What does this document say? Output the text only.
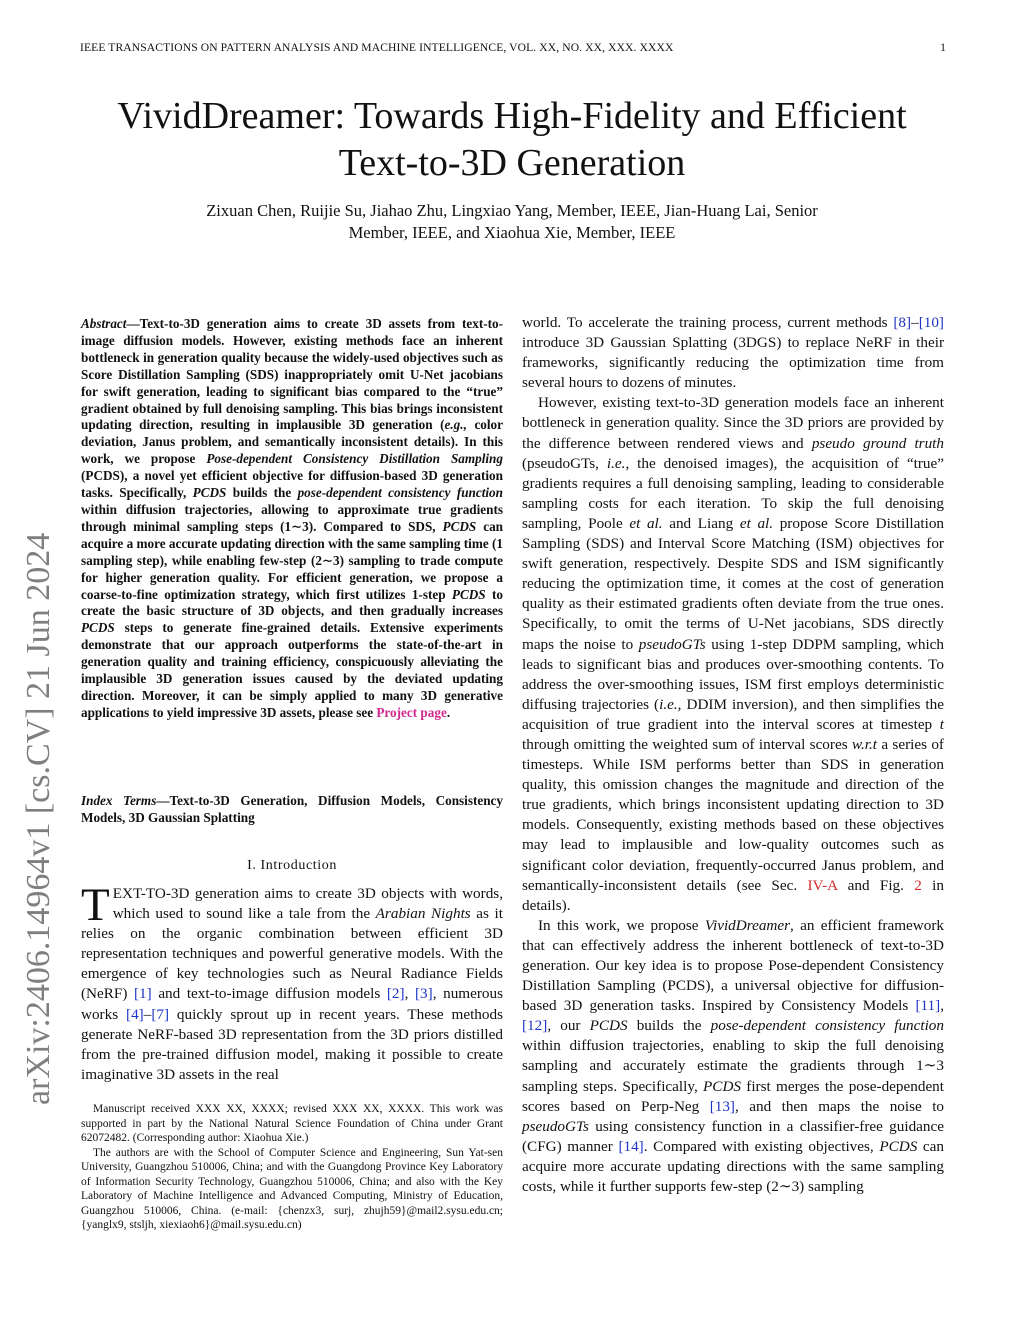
IEEE TRANSACTIONS ON PATTERN ANALYSIS AND MACHINE INTELLIGENCE, VOL. XX, NO. XX, XXX. XXXX	1
arXiv:2406.14964v1 [cs.CV] 21 Jun 2024
VividDreamer: Towards High-Fidelity and Efficient
Text-to-3D Generation
Zixuan Chen, Ruijie Su, Jiahao Zhu, Lingxiao Yang, Member, IEEE, Jian-Huang Lai, Senior
Member, IEEE, and Xiaohua Xie, Member, IEEE
Abstract—Text-to-3D generation aims to create 3D assets from text-to-image diffusion models. However, existing methods face an inherent bottleneck in generation quality because the widely-used objectives such as Score Distillation Sampling (SDS) inappropriately omit U-Net jacobians for swift generation, leading to significant bias compared to the “true” gradient obtained by full denoising sampling. This bias brings inconsistent updating direction, resulting in implausible 3D generation (e.g., color deviation, Janus problem, and semantically inconsistent details). In this work, we propose Pose-dependent Consistency Distillation Sampling (PCDS), a novel yet efficient objective for diffusion-based 3D generation tasks. Specifically, PCDS builds the pose-dependent consistency function within diffusion trajectories, allowing to approximate true gradients through minimal sampling steps (1∼3). Compared to SDS, PCDS can acquire a more accurate updating direction with the same sampling time (1 sampling step), while enabling few-step (2∼3) sampling to trade compute for higher generation quality. For efficient generation, we propose a coarse-to-fine optimization strategy, which first utilizes 1-step PCDS to create the basic structure of 3D objects, and then gradually increases PCDS steps to generate fine-grained details. Extensive experiments demonstrate that our approach outperforms the state-of-the-art in generation quality and training efficiency, conspicuously alleviating the implausible 3D generation issues caused by the deviated updating direction. Moreover, it can be simply applied to many 3D generative applications to yield impressive 3D assets, please see Project page.
Index Terms—Text-to-3D Generation, Diffusion Models, Consistency Models, 3D Gaussian Splatting
I. Introduction
TEXT-TO-3D generation aims to create 3D objects with words, which used to sound like a tale from the Arabian Nights as it relies on the organic combination between efficient 3D representation techniques and powerful generative models. With the emergence of key technologies such as Neural Radiance Fields (NeRF) [1] and text-to-image diffusion models [2], [3], numerous works [4]–[7] quickly sprout up in recent years. These methods generate NeRF-based 3D representation from the 3D priors distilled from the pre-trained diffusion model, making it possible to create imaginative 3D assets in the real

Manuscript received XXX XX, XXXX; revised XXX XX, XXXX. This work was supported in part by the National Natural Science Foundation of China under Grant 62072482. (Corresponding author: Xiaohua Xie.)

The authors are with the School of Computer Science and Engineering, Sun Yat-sen University, Guangzhou 510006, China; and with the Guangdong Province Key Laboratory of Information Security Technology, Guangzhou 510006, China; and also with the Key Laboratory of Machine Intelligence and Advanced Computing, Ministry of Education, Guangzhou 510006, China. (e-mail: {chenzx3, surj, zhujh59}@mail2.sysu.edu.cn; {yanglx9, stsljh, xiexiaoh6}@mail.sysu.edu.cn)

world. To accelerate the training process, current methods [8]–[10] introduce 3D Gaussian Splatting (3DGS) to replace NeRF in their frameworks, significantly reducing the optimization time from several hours to dozens of minutes.

However, existing text-to-3D generation models face an inherent bottleneck in generation quality. Since the 3D priors are provided by the difference between rendered views and pseudo ground truth (pseudoGTs, i.e., the denoised images), the acquisition of “true” gradients requires a full denoising sampling, leading to considerable sampling costs for each iteration. To skip the full denoising sampling, Poole et al. and Liang et al. propose Score Distillation Sampling (SDS) and Interval Score Matching (ISM) objectives for swift generation, respectively. Despite SDS and ISM significantly reducing the optimization time, it comes at the cost of generation quality as their estimated gradients often deviate from the true ones. Specifically, to omit the terms of U-Net jacobians, SDS directly maps the noise to pseudoGTs using 1-step DDPM sampling, which leads to significant bias and produces over-smoothing contents. To address the over-smoothing issues, ISM first employs deterministic diffusing trajectories (i.e., DDIM inversion), and then simplifies the acquisition of true gradient into the interval scores at timestep t through omitting the weighted sum of interval scores w.r.t a series of timesteps. While ISM performs better than SDS in generation quality, this omission changes the magnitude and direction of the true gradients, which brings inconsistent updating direction to 3D models. Consequently, existing methods based on these objectives may lead to implausible and low-quality outcomes such as significant color deviation, frequently-occurred Janus problem, and semantically-inconsistent details (see Sec. IV-A and Fig. 2 in details).

In this work, we propose VividDreamer, an efficient framework that can effectively address the inherent bottleneck of text-to-3D generation. Our key idea is to propose Pose-dependent Consistency Distillation Sampling (PCDS), a universal objective for diffusion-based 3D generation tasks. Inspired by Consistency Models [11], [12], our PCDS builds the pose-dependent consistency function within diffusion trajectories, enabling to skip the full denoising sampling and accurately estimate the gradients through 1∼3 sampling steps. Specifically, PCDS first merges the pose-dependent scores based on Perp-Neg [13], and then maps the noise to pseudoGTs using consistency function in a classifier-free guidance (CFG) manner [14]. Compared with existing objectives, PCDS can acquire more accurate updating directions with the same sampling costs, while it further supports few-step (2∼3) sampling
